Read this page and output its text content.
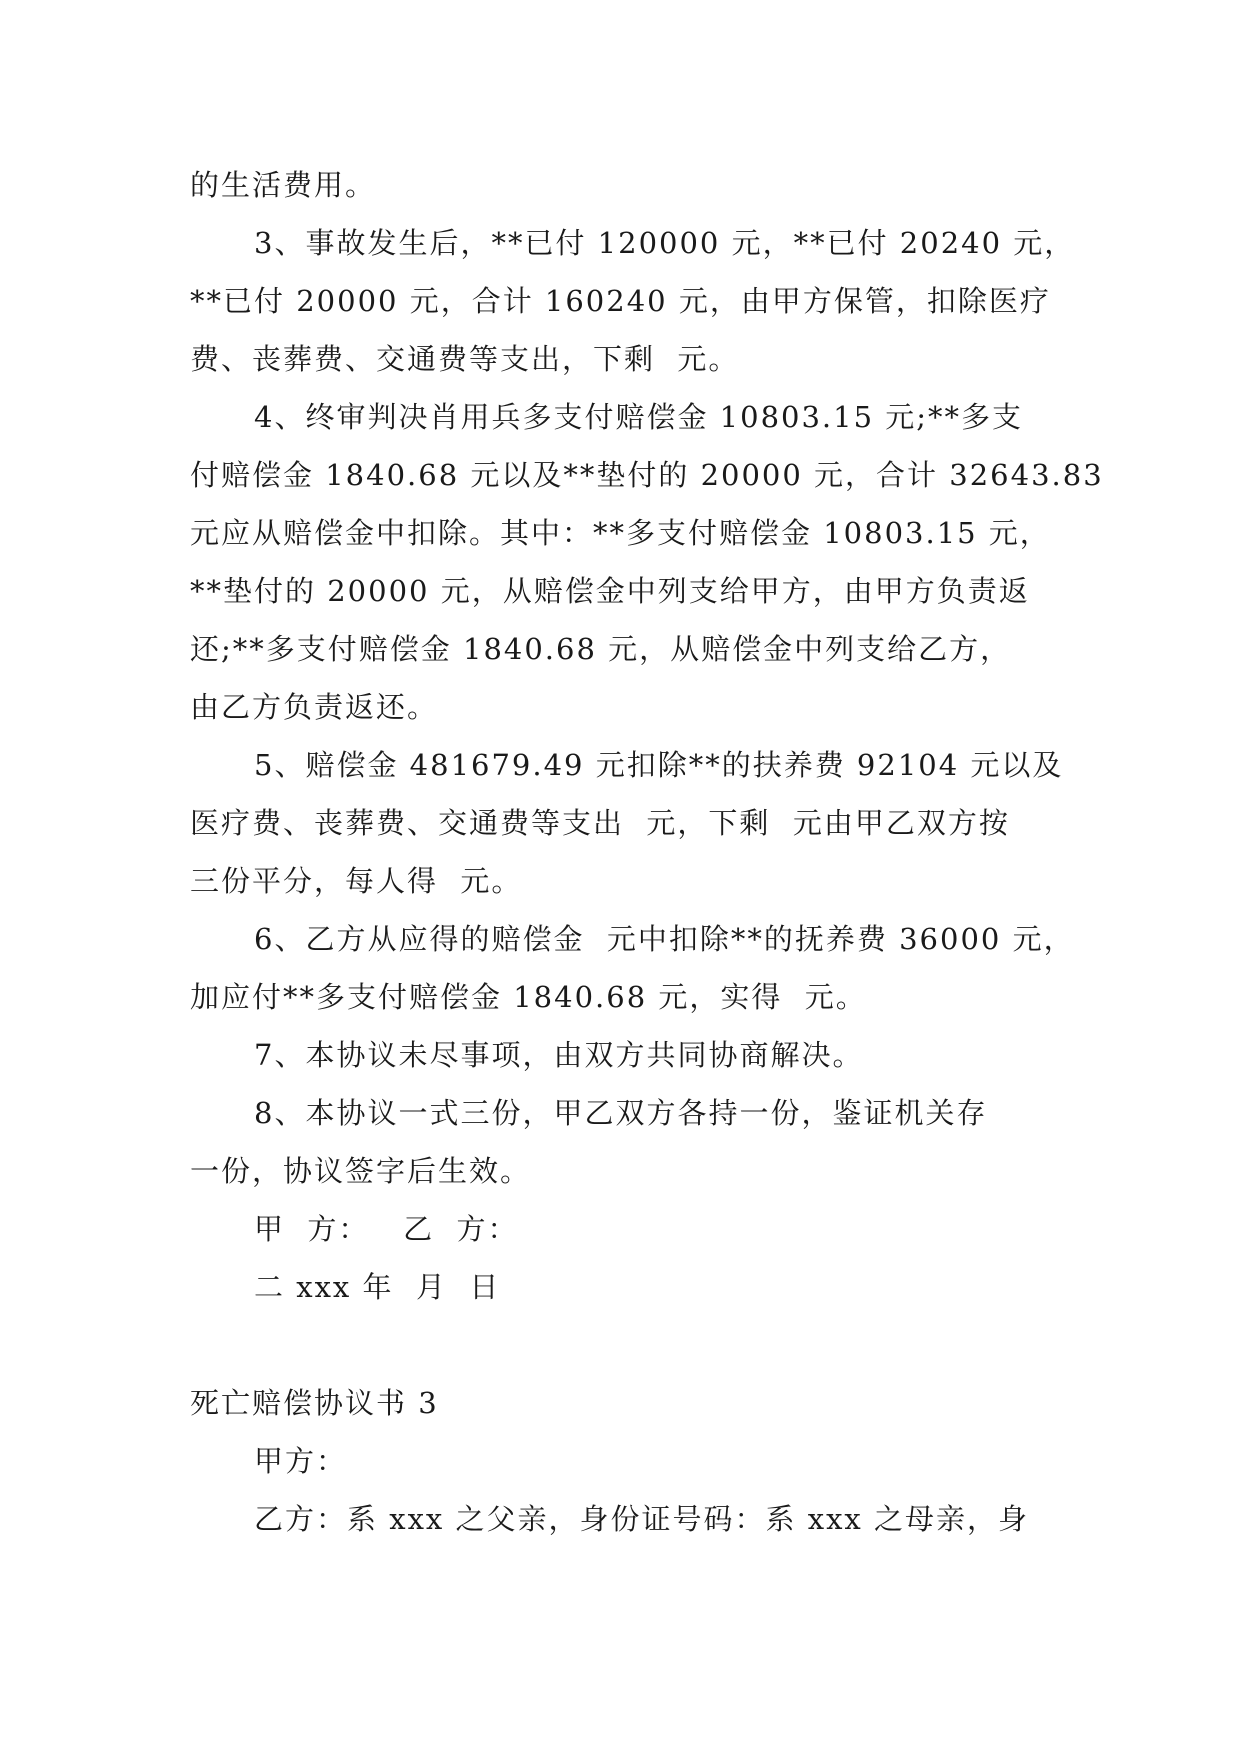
的生活费用。
3、事故发生后，**已付 120000 元，**已付 20240 元，
**已付 20000 元，合计 160240 元，由甲方保管，扣除医疗
费、丧葬费、交通费等支出，下剩  元。
4、终审判决肖用兵多支付赔偿金 10803.15 元;**多支
付赔偿金 1840.68 元以及**垫付的 20000 元，合计 32643.83
元应从赔偿金中扣除。其中：**多支付赔偿金 10803.15 元，
**垫付的 20000 元，从赔偿金中列支给甲方，由甲方负责返
还;**多支付赔偿金 1840.68 元，从赔偿金中列支给乙方，
由乙方负责返还。
5、赔偿金 481679.49 元扣除**的扶养费 92104 元以及
医疗费、丧葬费、交通费等支出  元，下剩  元由甲乙双方按
三份平分，每人得  元。
6、乙方从应得的赔偿金  元中扣除**的抚养费 36000 元，
加应付**多支付赔偿金 1840.68 元，实得  元。
7、本协议未尽事项，由双方共同协商解决。
8、本协议一式三份，甲乙双方各持一份，鉴证机关存
一份，协议签字后生效。
甲  方：   乙  方：
二 xxx 年  月  日
死亡赔偿协议书 3
甲方：
乙方：系 xxx 之父亲，身份证号码：系 xxx 之母亲，身
